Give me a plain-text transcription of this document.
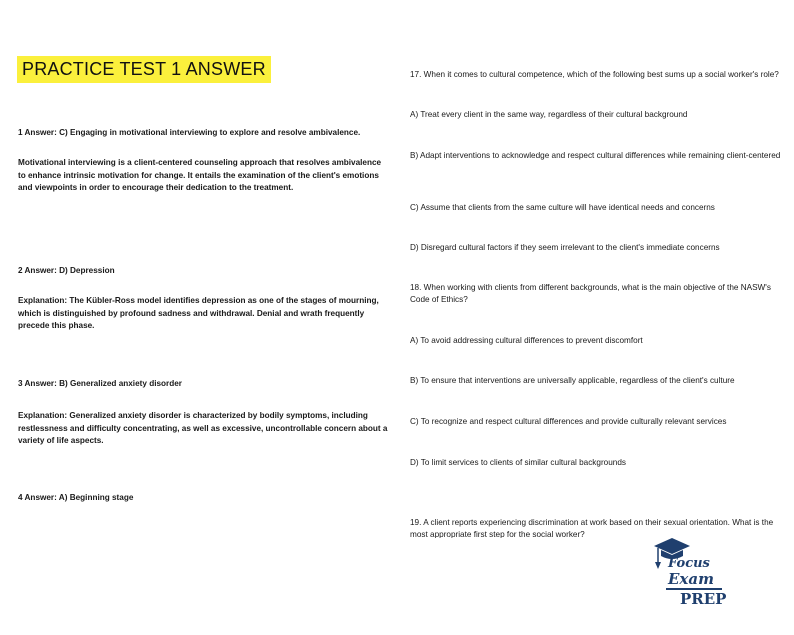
PRACTICE TEST 1 ANSWER
1 Answer: C) Engaging in motivational interviewing to explore and resolve ambivalence.
Motivational interviewing is a client-centered counseling approach that resolves ambivalence to enhance intrinsic motivation for change. It entails the examination of the client's emotions and viewpoints in order to encourage their dedication to the treatment.
2 Answer: D) Depression
Explanation: The Kübler-Ross model identifies depression as one of the stages of mourning, which is distinguished by profound sadness and withdrawal. Denial and wrath frequently precede this phase.
3 Answer: B) Generalized anxiety disorder
Explanation: Generalized anxiety disorder is characterized by bodily symptoms, including restlessness and difficulty concentrating, as well as excessive, uncontrollable concern about a variety of life aspects.
4 Answer: A) Beginning stage
17. When it comes to cultural competence, which of the following best sums up a social worker's role?
A) Treat every client in the same way, regardless of their cultural background
B) Adapt interventions to acknowledge and respect cultural differences while remaining client-centered
C) Assume that clients from the same culture will have identical needs and concerns
D) Disregard cultural factors if they seem irrelevant to the client's immediate concerns
18. When working with clients from different backgrounds, what is the main objective of the NASW's Code of Ethics?
A) To avoid addressing cultural differences to prevent discomfort
B) To ensure that interventions are universally applicable, regardless of the client's culture
C) To recognize and respect cultural differences and provide culturally relevant services
D) To limit services to clients of similar cultural backgrounds
19. A client reports experiencing discrimination at work based on their sexual orientation. What is the most appropriate first step for the social worker?
Focus
Exam
PREP
